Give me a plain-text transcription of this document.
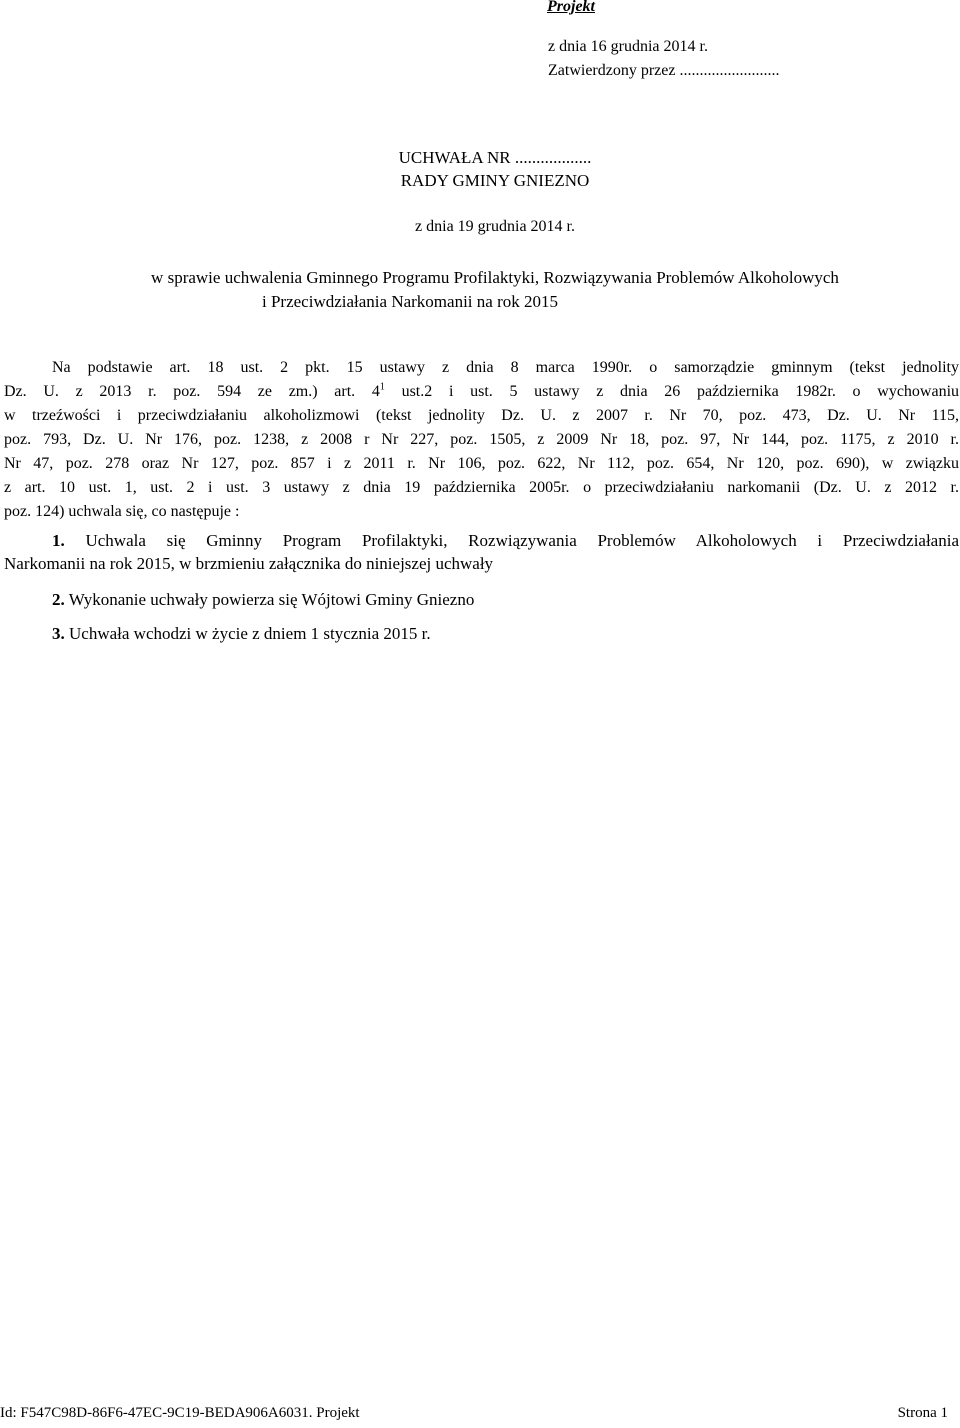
Projekt
z dnia 16 grudnia 2014 r.
Zatwierdzony przez .........................
UCHWAŁA NR ..................
RADY GMINY GNIEZNO
z dnia 19 grudnia 2014 r.
w sprawie uchwalenia Gminnego Programu Profilaktyki, Rozwiązywania Problemów Alkoholowych
i Przeciwdziałania Narkomanii na rok 2015
Na podstawie art. 18 ust. 2 pkt. 15 ustawy z dnia 8 marca 1990r. o samorządzie gminnym (tekst jednolity
Dz. U. z 2013 r. poz. 594 ze zm.) art. $4^1$ ust.2 i ust. 5 ustawy z dnia 26 października 1982r. o wychowaniu
w trzeźwości i przeciwdziałaniu alkoholizmowi (tekst jednolity Dz. U. z 2007 r. Nr 70, poz. 473, Dz. U. Nr 115,
poz. 793, Dz. U. Nr 176, poz. 1238, z 2008 r Nr 227, poz. 1505, z 2009 Nr 18, poz. 97, Nr 144, poz. 1175, z 2010 r.
Nr 47, poz. 278 oraz Nr 127, poz. 857 i z 2011 r. Nr 106, poz. 622, Nr 112, poz. 654, Nr 120, poz. 690), w związku
z art. 10 ust. 1, ust. 2 i ust. 3 ustawy z dnia 19 października 2005r. o przeciwdziałaniu narkomanii (Dz. U. z 2012 r.
poz. 124) uchwala się, co następuje :
1. Uchwala się Gminny Program Profilaktyki, Rozwiązywania Problemów Alkoholowych i Przeciwdziałania
Narkomanii na rok 2015, w brzmieniu załącznika do niniejszej uchwały
2. Wykonanie uchwały powierza się Wójtowi Gminy Gniezno
3. Uchwała wchodzi w życie z dniem 1 stycznia 2015 r.
Id: F547C98D-86F6-47EC-9C19-BEDA906A6031. Projekt	Strona 1
